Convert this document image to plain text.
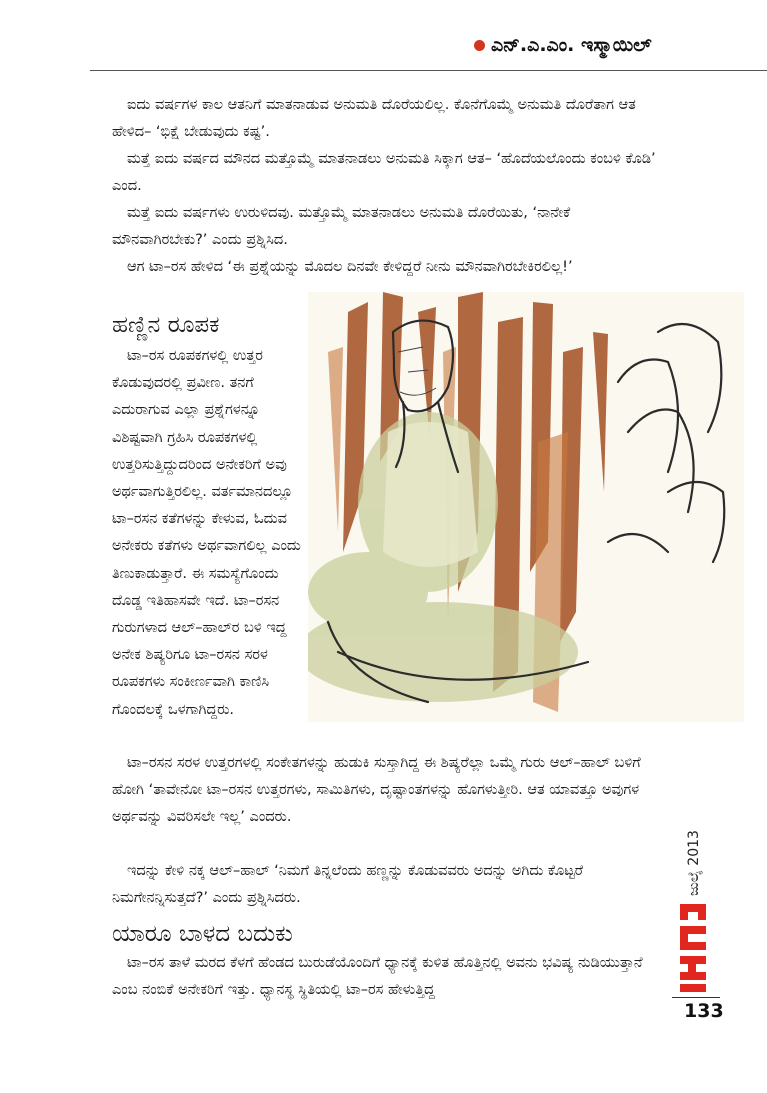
ಎನ್.ಎ.ಎಂ. ಇಸ್ಮಾಯಿಲ್

ಐದು ವರ್ಷಗಳ ಕಾಲ ಆತನಿಗೆ ಮಾತನಾಡುವ ಅನುಮತಿ ದೊರೆಯಲಿಲ್ಲ. ಕೊನೆಗೊಮ್ಮೆ ಅನುಮತಿ ದೊರೆತಾಗ ಆತ ಹೇಳಿದ– ‘ಭಿಕ್ಷೆ ಬೇಡುವುದು ಕಷ್ಟ’.

ಮತ್ತೆ ಐದು ವರ್ಷದ ಮೌನದ ಮತ್ತೊಮ್ಮೆ ಮಾತನಾಡಲು ಅನುಮತಿ ಸಿಕ್ಕಾಗ ಆತ– ‘ಹೊದೆಯಲೊಂದು ಕಂಬಳಿ ಕೊಡಿ’ ಎಂದ.

ಮತ್ತೆ ಐದು ವರ್ಷಗಳು ಉರುಳಿದವು. ಮತ್ತೊಮ್ಮೆ ಮಾತನಾಡಲು ಅನುಮತಿ ದೊರೆಯಿತು, ‘ನಾನೇಕೆ ಮೌನವಾಗಿರಬೇಕು?’ ಎಂದು ಪ್ರಶ್ನಿಸಿದ.

ಆಗ ಟಾ–ರಸ ಹೇಳಿದ ‘ಈ ಪ್ರಶ್ನೆಯನ್ನು ಮೊದಲ ದಿನವೇ ಕೇಳಿದ್ದರೆ ನೀನು ಮೌನವಾಗಿರಬೇಕಿರಲಿಲ್ಲ!’

ಹಣ್ಣಿನ ರೂಪಕ

ಟಾ–ರಸ ರೂಪಕಗಳಲ್ಲಿ ಉತ್ತರ ಕೊಡುವುದರಲ್ಲಿ ಪ್ರವೀಣ. ತನಗೆ ಎದುರಾಗುವ ಎಲ್ಲಾ ಪ್ರಶ್ನೆಗಳನ್ನೂ ವಿಶಿಷ್ಟವಾಗಿ ಗ್ರಹಿಸಿ ರೂಪಕಗಳಲ್ಲಿ ಉತ್ತರಿಸುತ್ತಿದ್ದುದರಿಂದ ಅನೇಕರಿಗೆ ಅವು ಅರ್ಥವಾಗುತ್ತಿರಲಿಲ್ಲ. ವರ್ತಮಾನದಲ್ಲೂ ಟಾ–ರಸನ ಕತೆಗಳನ್ನು ಕೇಳುವ, ಓದುವ ಅನೇಕರು ಕತೆಗಳು ಅರ್ಥವಾಗಲಿಲ್ಲ ಎಂದು ತಿಣುಕಾಡುತ್ತಾರೆ. ಈ ಸಮಸ್ಯೆಗೊಂದು ದೊಡ್ಡ ಇತಿಹಾಸವೇ ಇದೆ. ಟಾ–ರಸನ ಗುರುಗಳಾದ ಆಲ್–ಹಾಲ್‌ರ ಬಳಿ ಇದ್ದ ಅನೇಕ ಶಿಷ್ಯರಿಗೂ ಟಾ–ರಸನ ಸರಳ ರೂಪಕಗಳು ಸಂಕೀರ್ಣವಾಗಿ ಕಾಣಿಸಿ ಗೊಂದಲಕ್ಕೆ ಒಳಗಾಗಿದ್ದರು.

ಟಾ–ರಸನ ಸರಳ ಉತ್ತರಗಳಲ್ಲಿ ಸಂಕೇತಗಳನ್ನು ಹುಡುಕಿ ಸುಸ್ತಾಗಿದ್ದ ಈ ಶಿಷ್ಯರೆಲ್ಲಾ ಒಮ್ಮೆ ಗುರು ಆಲ್–ಹಾಲ್ ಬಳಿಗೆ ಹೋಗಿ ‘ತಾವೇನೋ ಟಾ–ರಸನ ಉತ್ತರಗಳು, ಸಾಮಿತಿಗಳು, ದೃಷ್ಟಾಂತಗಳನ್ನು ಹೊಗಳುತ್ತೀರಿ. ಆತ ಯಾವತ್ತೂ ಅವುಗಳ ಅರ್ಥವನ್ನು ವಿವರಿಸಲೇ ಇಲ್ಲ’ ಎಂದರು.

ಇದನ್ನು ಕೇಳಿ ನಕ್ಕ ಆಲ್–ಹಾಲ್ ‘ನಿಮಗೆ ತಿನ್ನಲೆಂದು ಹಣ್ಣನ್ನು ಕೊಡುವವರು ಅದನ್ನು ಅಗಿದು ಕೊಟ್ಟರೆ ನಿಮಗೇನನ್ನಿಸುತ್ತದೆ?’ ಎಂದು ಪ್ರಶ್ನಿಸಿದರು.

ಯಾರೂ ಬಾಳದ ಬದುಕು

ಟಾ–ರಸ ತಾಳೆ ಮರದ ಕೆಳಗೆ ಹೆಂಡದ ಬುರುಡೆಯೊಂದಿಗೆ ಧ್ಯಾನಕ್ಕೆ ಕುಳಿತ ಹೊತ್ತಿನಲ್ಲಿ ಅವನು ಭವಿಷ್ಯ ನುಡಿಯುತ್ತಾನೆ ಎಂಬ ನಂಬಿಕೆ ಅನೇಕರಿಗೆ ಇತ್ತು. ಧ್ಯಾನಸ್ಥ ಸ್ಥಿತಿಯಲ್ಲಿ ಟಾ–ರಸ ಹೇಳುತ್ತಿದ್ದ

ಜುಲೈ 2013
133
